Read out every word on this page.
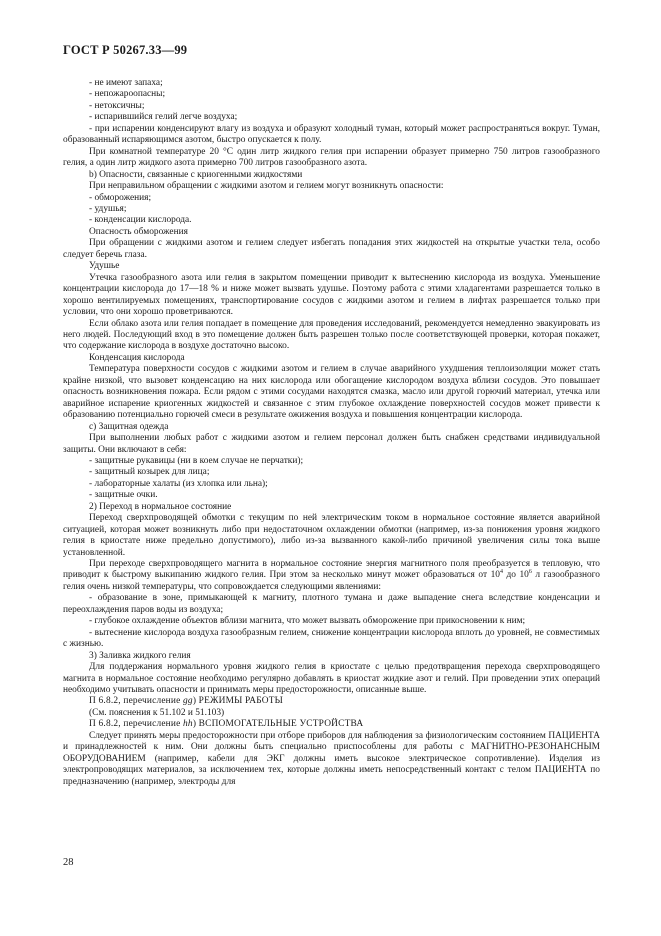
ГОСТ Р 50267.33—99

- не имеют запаха;

- непожароопасны;

- нетоксичны;

- испарившийся гелий легче воздуха;

- при испарении конденсируют влагу из воздуха и образуют холодный туман, который может распространяться вокруг. Туман, образованный испаряющимся азотом, быстро опускается к полу.

При комнатной температуре 20 °С один литр жидкого гелия при испарении образует примерно 750 литров газообразного гелия, а один литр жидкого азота примерно 700 литров газообразного азота.

b) Опасности, связанные с криогенными жидкостями

При неправильном обращении с жидкими азотом и гелием могут возникнуть опасности:

- обморожения;

- удушья;

- конденсации кислорода.

Опасность обморожения

При обращении с жидкими азотом и гелием следует избегать попадания этих жидкостей на открытые участки тела, особо следует беречь глаза.

Удушье

Утечка газообразного азота или гелия в закрытом помещении приводит к вытеснению кислорода из воздуха. Уменьшение концентрации кислорода до 17—18 % и ниже может вызвать удушье. Поэтому работа с этими хладагентами разрешается только в хорошо вентилируемых помещениях, транспортирование сосудов с жидкими азотом и гелием в лифтах разрешается только при условии, что они хорошо проветриваются.

Если облако азота или гелия попадает в помещение для проведения исследований, рекомендуется немедленно эвакуировать из него людей. Последующий вход в это помещение должен быть разрешен только после соответствующей проверки, которая покажет, что содержание кислорода в воздухе достаточно высоко.

Конденсация кислорода

Температура поверхности сосудов с жидкими азотом и гелием в случае аварийного ухудшения теплоизоляции может стать крайне низкой, что вызовет конденсацию на них кислорода или обогащение кислородом воздуха вблизи сосудов. Это повышает опасность возникновения пожара. Если рядом с этими сосудами находятся смазка, масло или другой горючий материал, утечка или аварийное испарение криогенных жидкостей и связанное с этим глубокое охлаждение поверхностей сосудов может привести к образованию потенциально горючей смеси в результате ожижения воздуха и повышения концентрации кислорода.

c) Защитная одежда

При выполнении любых работ с жидкими азотом и гелием персонал должен быть снабжен средствами индивидуальной защиты. Они включают в себя:

- защитные рукавицы (ни в коем случае не перчатки);

- защитный козырек для лица;

- лабораторные халаты (из хлопка или льна);

- защитные очки.

2) Переход в нормальное состояние

Переход сверхпроводящей обмотки с текущим по ней электрическим током в нормальное состояние является аварийной ситуацией, которая может возникнуть либо при недостаточном охлаждении обмотки (например, из-за понижения уровня жидкого гелия в криостате ниже предельно допустимого), либо из-за вызванного какой-либо причиной увеличения силы тока выше установленной.

При переходе сверхпроводящего магнита в нормальное состояние энергия магнитного поля преобразуется в тепловую, что приводит к быстрому выкипанию жидкого гелия. При этом за несколько минут может образоваться от $10^4$ до $10^6$ л газообразного гелия очень низкой температуры, что сопровождается следующими явлениями:

- образование в зоне, примыкающей к магниту, плотного тумана и даже выпадение снега вследствие конденсации и переохлаждения паров воды из воздуха;

- глубокое охлаждение объектов вблизи магнита, что может вызвать обморожение при прикосновении к ним;

- вытеснение кислорода воздуха газообразным гелием, снижение концентрации кислорода вплоть до уровней, не совместимых с жизнью.

3) Заливка жидкого гелия

Для поддержания нормального уровня жидкого гелия в криостате с целью предотвращения перехода сверхпроводящего магнита в нормальное состояние необходимо регулярно добавлять в криостат жидкие азот и гелий. При проведении этих операций необходимо учитывать опасности и принимать меры предосторожности, описанные выше.

П 6.8.2, перечисление gg) РЕЖИМЫ РАБОТЫ

(См. пояснения к 51.102 и 51.103)

П 6.8.2, перечисление hh) ВСПОМОГАТЕЛЬНЫЕ УСТРОЙСТВА

Следует принять меры предосторожности при отборе приборов для наблюдения за физиологическим состоянием ПАЦИЕНТА и принадлежностей к ним. Они должны быть специально приспособлены для работы с МАГНИТНО-РЕЗОНАНСНЫМ ОБОРУДОВАНИЕМ (например, кабели для ЭКГ должны иметь высокое электрическое сопротивление). Изделия из электропроводящих материалов, за исключением тех, которые должны иметь непосредственный контакт с телом ПАЦИЕНТА по предназначению (например, электроды для

28
